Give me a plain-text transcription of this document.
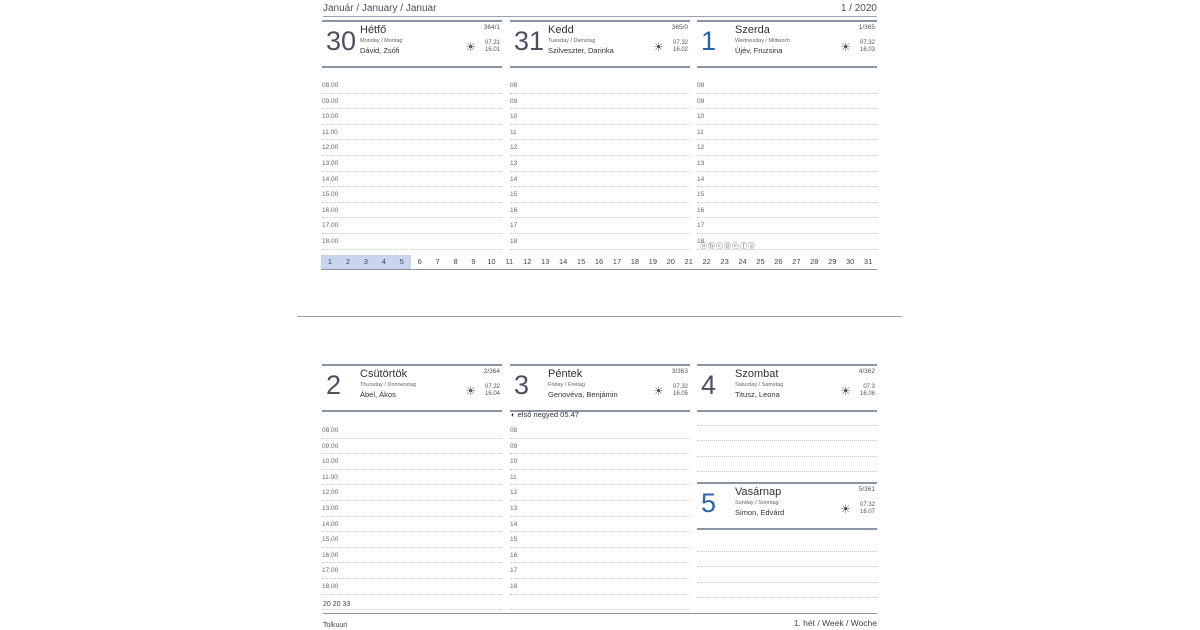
Január / January / Januar	1 / 2020
30 Hétfő
Monday / Montag
Dávid, Zsófi
364/1
☀ 07.31
16.01 31 Kedd
Tuesday / Dienstag
Szilveszter, Darinka
365/0
☀ 07.32
16.02 1 Szerda
Wednesday / Mittwoch
Újév, Fruzsina
1/365
☀ 07.32
16.03
2 Csütörtök
Thursday / Donnerstag
Ábel, Ákos
2/364
☀ 07.32
16.04 3 Péntek
Friday / Freitag
Genovéva, Benjámin
3/363
☀ 07.32
16.05 4 Szombat
Saturday / Samstag
Titusz, Leona
4/362
☀	07.3
16.06
5 Vasárnap
Sunday / Sonntag
Simon, Edvárd
5/361
☀ 07.32
16.07
08.00
09.00
10.00
11.00
12.00
13.00
14.00
15.00
16.00
17.00
18.00
08
09
10
11
12
13
14
15
16
17
18
08
09
10
11
12
13
14
15
16
17
18
08.00
09.00
10.00
11.00
12.00
13.00
14.00
15.00
16.00
17.00
18.00
08
09
10
11
12
13
14
15
16
17
18
ⓐⓑⓒⓓⓔⓕⓖ
◐ első negyed 05.47
1	2	3	4	5	6	7	8	9	10	11	12	13	14	15	16	17	18	19	20	21	22	23	24	25	26	27	28	29	30	31
20 20 33
Tolkuuri	1. hét / Week / Woche
